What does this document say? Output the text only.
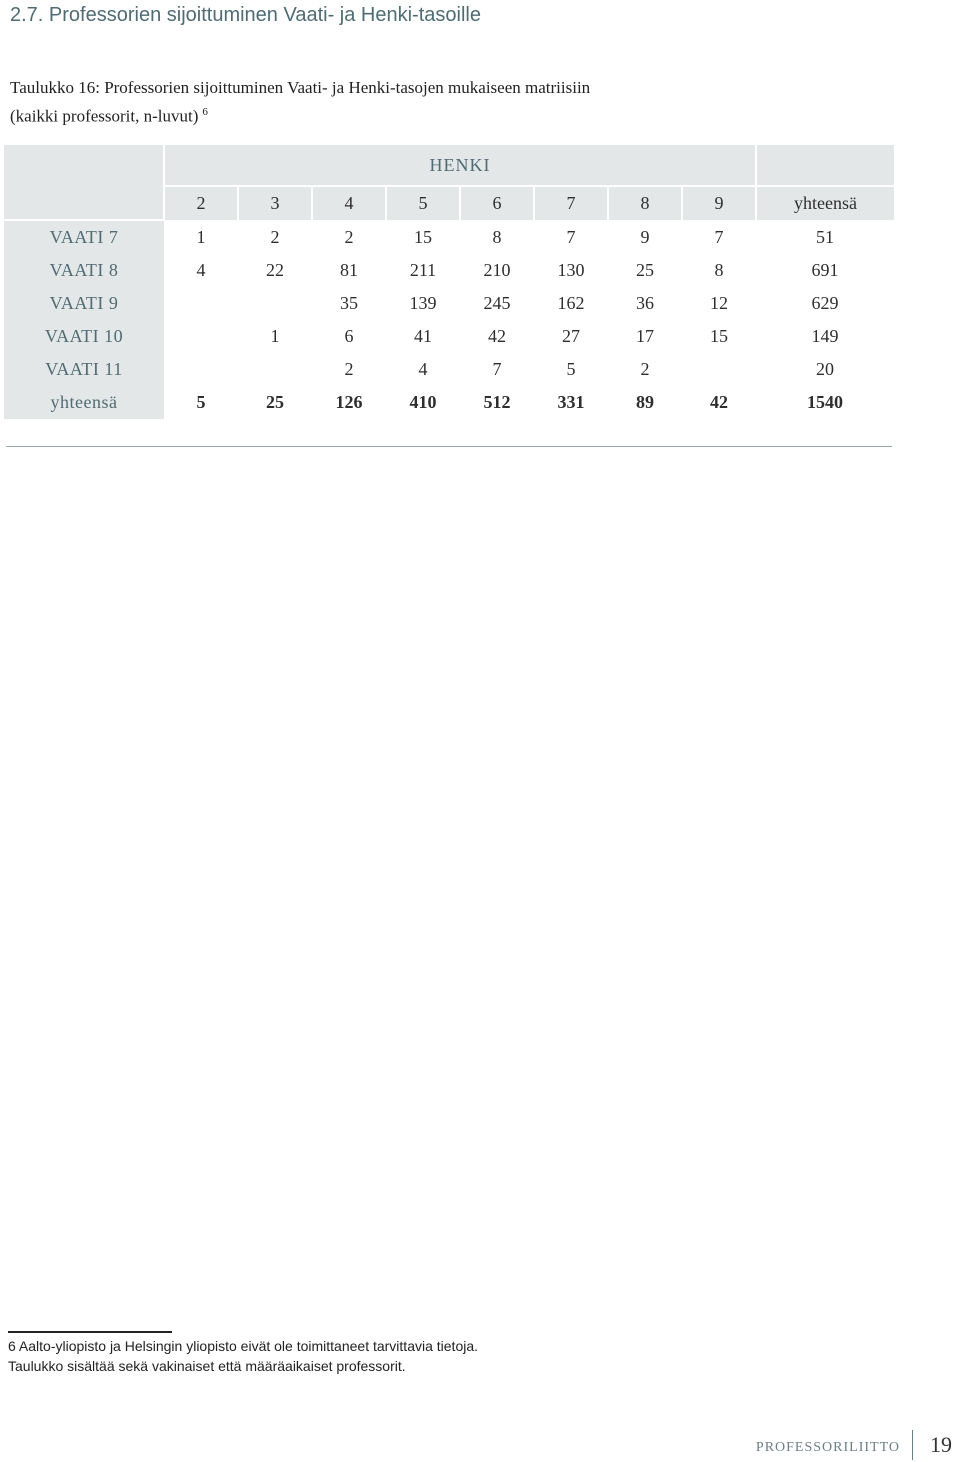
2.7. Professorien sijoittuminen Vaati- ja Henki-tasoille
Taulukko 16: Professorien sijoittuminen Vaati- ja Henki-tasojen mukaiseen matriisiin
(kaikki professorit, n-luvut) $^6$
	HENKI								
	2	3	4	5	6	7	8	9	yhteensä
VAATI 7	1	2	2	15	8	7	9	7	51
VAATI 8	4	22	81	211	210	130	25	8	691
VAATI 9			35	139	245	162	36	12	629
VAATI 10		1	6	41	42	27	17	15	149
VAATI 11			2	4	7	5	2		20
yhteensä	5	25	126	410	512	331	89	42	1540
6 Aalto-yliopisto ja Helsingin yliopisto eivät ole toimittaneet tarvittavia tietoja.
Taulukko sisältää sekä vakinaiset että määräaikaiset professorit.
PROFESSORILIITTO 19
